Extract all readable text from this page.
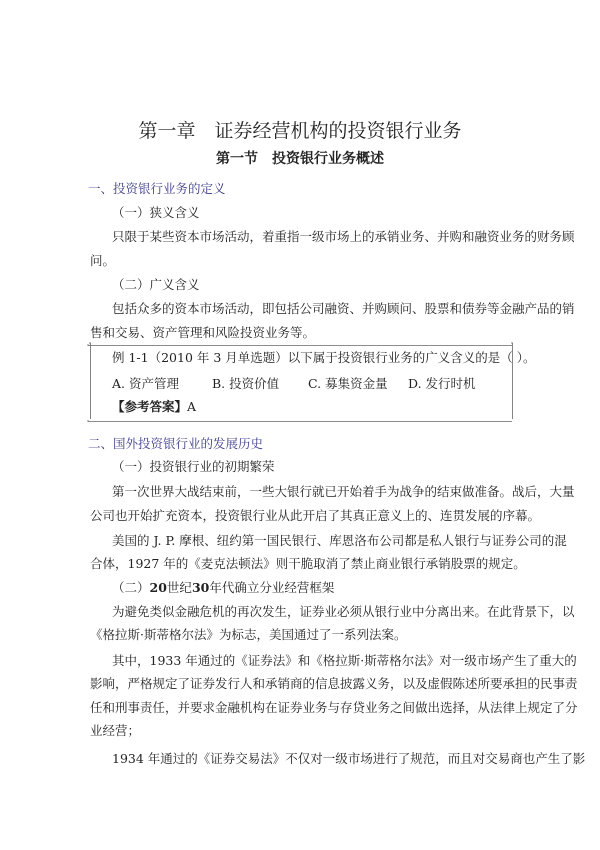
第一章　证券经营机构的投资银行业务
第一节　投资银行业务概述
一、投资银行业务的定义
（一）狭义含义
只限于某些资本市场活动，着重指一级市场上的承销业务、并购和融资业务的财务顾
问。
（二）广义含义
包括众多的资本市场活动，即包括公司融资、并购顾问、股票和债券等金融产品的销
售和交易、资产管理和风险投资业务等。
例 1-1（2010 年 3 月单选题）以下属于投资银行业务的广义含义的是（ ）。
A. 资产管理	B. 投资价值 C. 募集资金量 D. 发行时机
【参考答案】A
二、国外投资银行业的发展历史
（一）投资银行业的初期繁荣
第一次世界大战结束前，一些大银行就已开始着手为战争的结束做准备。战后，大量
公司也开始扩充资本，投资银行业从此开启了其真正意义上的、连贯发展的序幕。
美国的 J. P. 摩根、纽约第一国民银行、库恩洛布公司都是私人银行与证券公司的混
合体，1927 年的《麦克法顿法》则干脆取消了禁止商业银行承销股票的规定。
（二）20世纪30年代确立分业经营框架
为避免类似金融危机的再次发生，证券业必须从银行业中分离出来。在此背景下，以
《格拉斯·斯蒂格尔法》为标志，美国通过了一系列法案。
其中，1933 年通过的《证券法》和《格拉斯·斯蒂格尔法》对一级市场产生了重大的
影响，严格规定了证券发行人和承销商的信息披露义务，以及虚假陈述所要承担的民事责
任和刑事责任，并要求金融机构在证券业务与存贷业务之间做出选择，从法律上规定了分
业经营；
1934 年通过的《证券交易法》不仅对一级市场进行了规范，而且对交易商也产生了影
